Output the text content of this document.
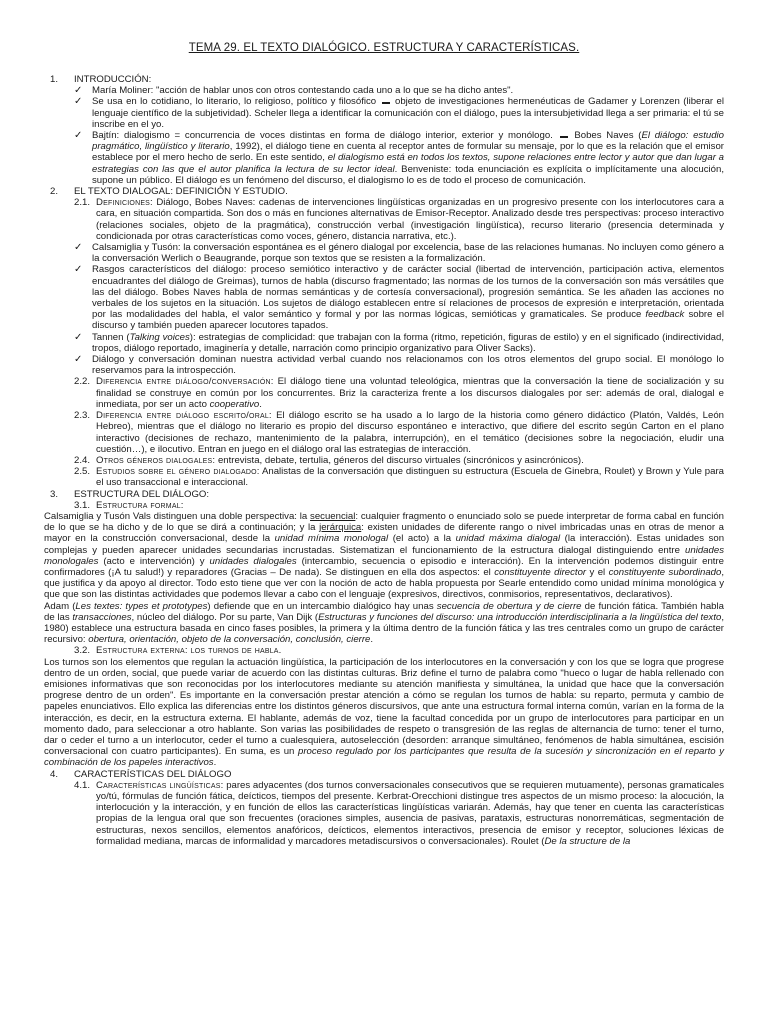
TEMA 29. EL TEXTO DIALÓGICO. ESTRUCTURA Y CARACTERÍSTICAS.
1.	INTRODUCCIÓN:
✓	María Moliner: "acción de hablar unos con otros contestando cada uno a lo que se ha dicho antes".
✓	Se usa en lo cotidiano, lo literario, lo religioso, político y filosófico objeto de investigaciones hermenéuticas de Gadamer y Lorenzen (liberar el lenguaje científico de la subjetividad). Scheler llega a identificar la comunicación con el diálogo, pues la intersubjetividad llega a ser primaria: el tú se inscribe en el yo.
✓	Bajtín: dialogismo = concurrencia de voces distintas en forma de diálogo interior, exterior y monólogo. Bobes Naves (El diálogo: estudio pragmático, lingüístico y literario, 1992), el diálogo tiene en cuenta al receptor antes de formular su mensaje, por lo que es la relación que el emisor establece por el mero hecho de serlo. En este sentido, el dialogismo está en todos los textos, supone relaciones entre lector y autor que dan lugar a estrategias con las que el autor planifica la lectura de su lector ideal. Benveniste: toda enunciación es explícita o implícitamente una alocución, supone un público. El diálogo es un fenómeno del discurso, el dialogismo lo es de todo el proceso de comunicación.
2.	EL TEXTO DIALOGAL: DEFINICIÓN Y ESTUDIO.
2.1. Definiciones: Diálogo, Bobes Naves: cadenas de intervenciones lingüísticas organizadas en un progresivo presente con los interlocutores cara a cara, en situación compartida. Son dos o más en funciones alternativas de Emisor-Receptor. Analizado desde tres perspectivas: proceso interactivo (relaciones sociales, objeto de la pragmática), construcción verbal (investigación lingüística), recurso literario (presencia determinada y condicionada por otras características como voces, género, distancia narrativa, etc.).
✓	Calsamiglia y Tusón: la conversación espontánea es el género dialogal por excelencia, base de las relaciones humanas. No incluyen como género a la conversación Werlich o Beaugrande, porque son textos que se resisten a la formalización.
✓	Rasgos característicos del diálogo: proceso semiótico interactivo y de carácter social (libertad de intervención, participación activa, elementos encuadrantes del diálogo de Greimas), turnos de habla (discurso fragmentado; las normas de los turnos de la conversación son más versátiles que las del diálogo. Bobes Naves habla de normas semánticas y de cortesía conversacional), progresión semántica. Se les añaden las acciones no verbales de los sujetos en la situación. Los sujetos de diálogo establecen entre sí relaciones de procesos de expresión e interpretación, orientada por las modalidades del habla, el valor semántico y formal y por las normas lógicas, semióticas y gramaticales. Se produce feedback sobre el discurso y también pueden aparecer locutores tapados.
✓	Tannen (Talking voices): estrategias de complicidad: que trabajan con la forma (ritmo, repetición, figuras de estilo) y en el significado (indirectividad, tropos, diálogo reportado, imaginería y detalle, narración como principio organizativo para Oliver Sacks).
✓	Diálogo y conversación dominan nuestra actividad verbal cuando nos relacionamos con los otros elementos del grupo social. El monólogo lo reservamos para la introspección.
2.2. Diferencia entre diálogo/conversación: El diálogo tiene una voluntad teleológica, mientras que la conversación la tiene de socialización y su finalidad se construye en común por los concurrentes. Briz la caracteriza frente a los discursos dialogales por ser: además de oral, dialogal e inmediata, por ser un acto cooperativo.
2.3. Diferencia entre diálogo escrito/oral: El diálogo escrito se ha usado a lo largo de la historia como género didáctico (Platón, Valdés, León Hebreo), mientras que el diálogo no literario es propio del discurso espontáneo e interactivo, que difiere del escrito según Carton en el plano interactivo (decisiones de rechazo, mantenimiento de la palabra, interrupción), en el temático (decisiones sobre la negociación, eludir una cuestión…), e ilocutivo. Entran en juego en el diálogo oral las estrategias de interacción.
2.4. Otros géneros dialogales: entrevista, debate, tertulia, géneros del discurso virtuales (sincrónicos y asincrónicos).
2.5. Estudios sobre el género dialogado: Analistas de la conversación que distinguen su estructura (Escuela de Ginebra, Roulet) y Brown y Yule para el uso transaccional e interaccional.
3.	ESTRUCTURA DEL DIÁLOGO:
3.1. Estructura formal:

Calsamiglia y Tusón Vals distinguen una doble perspectiva: la secuencial: cualquier fragmento o enunciado solo se puede interpretar de forma cabal en función de lo que se ha dicho y de lo que se dirá a continuación; y la jerárquica: existen unidades de diferente rango o nivel imbricadas unas en otras de menor a mayor en la construcción conversacional, desde la unidad mínima monologal (el acto) a la unidad máxima dialogal (la interacción). Estas unidades son complejas y pueden aparecer unidades secundarias incrustadas. Sistematizan el funcionamiento de la estructura dialogal distinguiendo entre unidades monologales (acto e intervención) y unidades dialogales (intercambio, secuencia o episodio e interacción). En la intervención podemos distinguir entre confirmadores (¡A tu salud!) y reparadores (Gracias – De nada). Se distinguen en ella dos aspectos: el constituyente director y el constituyente subordinado, que justifica y da apoyo al director. Todo esto tiene que ver con la noción de acto de habla propuesta por Searle entendido como unidad mínima monológica y que que son las distintas actividades que podemos llevar a cabo con el lenguaje (expresivos, directivos, conmisorios, representativos, declarativos).

Adam (Les textes: types et prototypes) defiende que en un intercambio dialógico hay unas secuencia de obertura y de cierre de función fática. También habla de las transacciones, núcleo del diálogo. Por su parte, Van Dijk (Estructuras y funciones del discurso: una introducción interdisciplinaria a la lingüística del texto, 1980) establece una estructura basada en cinco fases posibles, la primera y la última dentro de la función fática y las tres centrales como un grupo de carácter recursivo: obertura, orientación, objeto de la conversación, conclusión, cierre.

3.2. Estructura externa: los turnos de habla.

Los turnos son los elementos que regulan la actuación lingüística, la participación de los interlocutores en la conversación y con los que se logra que progrese dentro de un orden, social, que puede variar de acuerdo con las distintas culturas. Briz define el turno de palabra como "hueco o lugar de habla rellenado con emisiones informativas que son reconocidas por los interlocutores mediante su atención manifiesta y simultánea, la unidad que hace que la conversación progrese dentro de un orden". Es importante en la conversación prestar atención a cómo se regulan los turnos de habla: su reparto, permuta y cambio de papeles enunciativos. Ello explica las diferencias entre los distintos géneros discursivos, que ante una estructura formal interna común, varían en la forma de la interacción, es decir, en la estructura externa. El hablante, además de voz, tiene la facultad concedida por un grupo de interlocutores para participar en un momento dado, para seleccionar a otro hablante. Son varias las posibilidades de respeto o transgresión de las reglas de alternancia de turno: tener el turno, dar o ceder el turno a un interlocutor, ceder el turno a cualesquiera, autoselección (desorden: arranque simultáneo, fenómenos de habla simultánea, escisión conversacional con cuatro participantes). En suma, es un proceso regulado por los participantes que resulta de la sucesión y sincronización en el reparto y combinación de los papeles interactivos.

4.	CARACTERÍSTICAS DEL DIÁLOGO
4.1. Características lingüísticas: pares adyacentes (dos turnos conversacionales consecutivos que se requieren mutuamente), personas gramaticales yo/tú, fórmulas de función fática, deícticos, tiempos del presente. Kerbrat-Orecchioni distingue tres aspectos de un mismo proceso: la alocución, la interlocución y la interacción, y en función de ellos las características lingüísticas variarán. Además, hay que tener en cuenta las características propias de la lengua oral que son frecuentes (oraciones simples, ausencia de pasivas, parataxis, estructuras nonorremáticas, segmentación de estructuras, nexos sencillos, elementos anafóricos, deícticos, elementos interactivos, presencia de emisor y receptor, soluciones léxicas de formalidad mediana, marcas de informalidad y marcadores metadiscursivos o conversacionales). Roulet (De la structure de la
